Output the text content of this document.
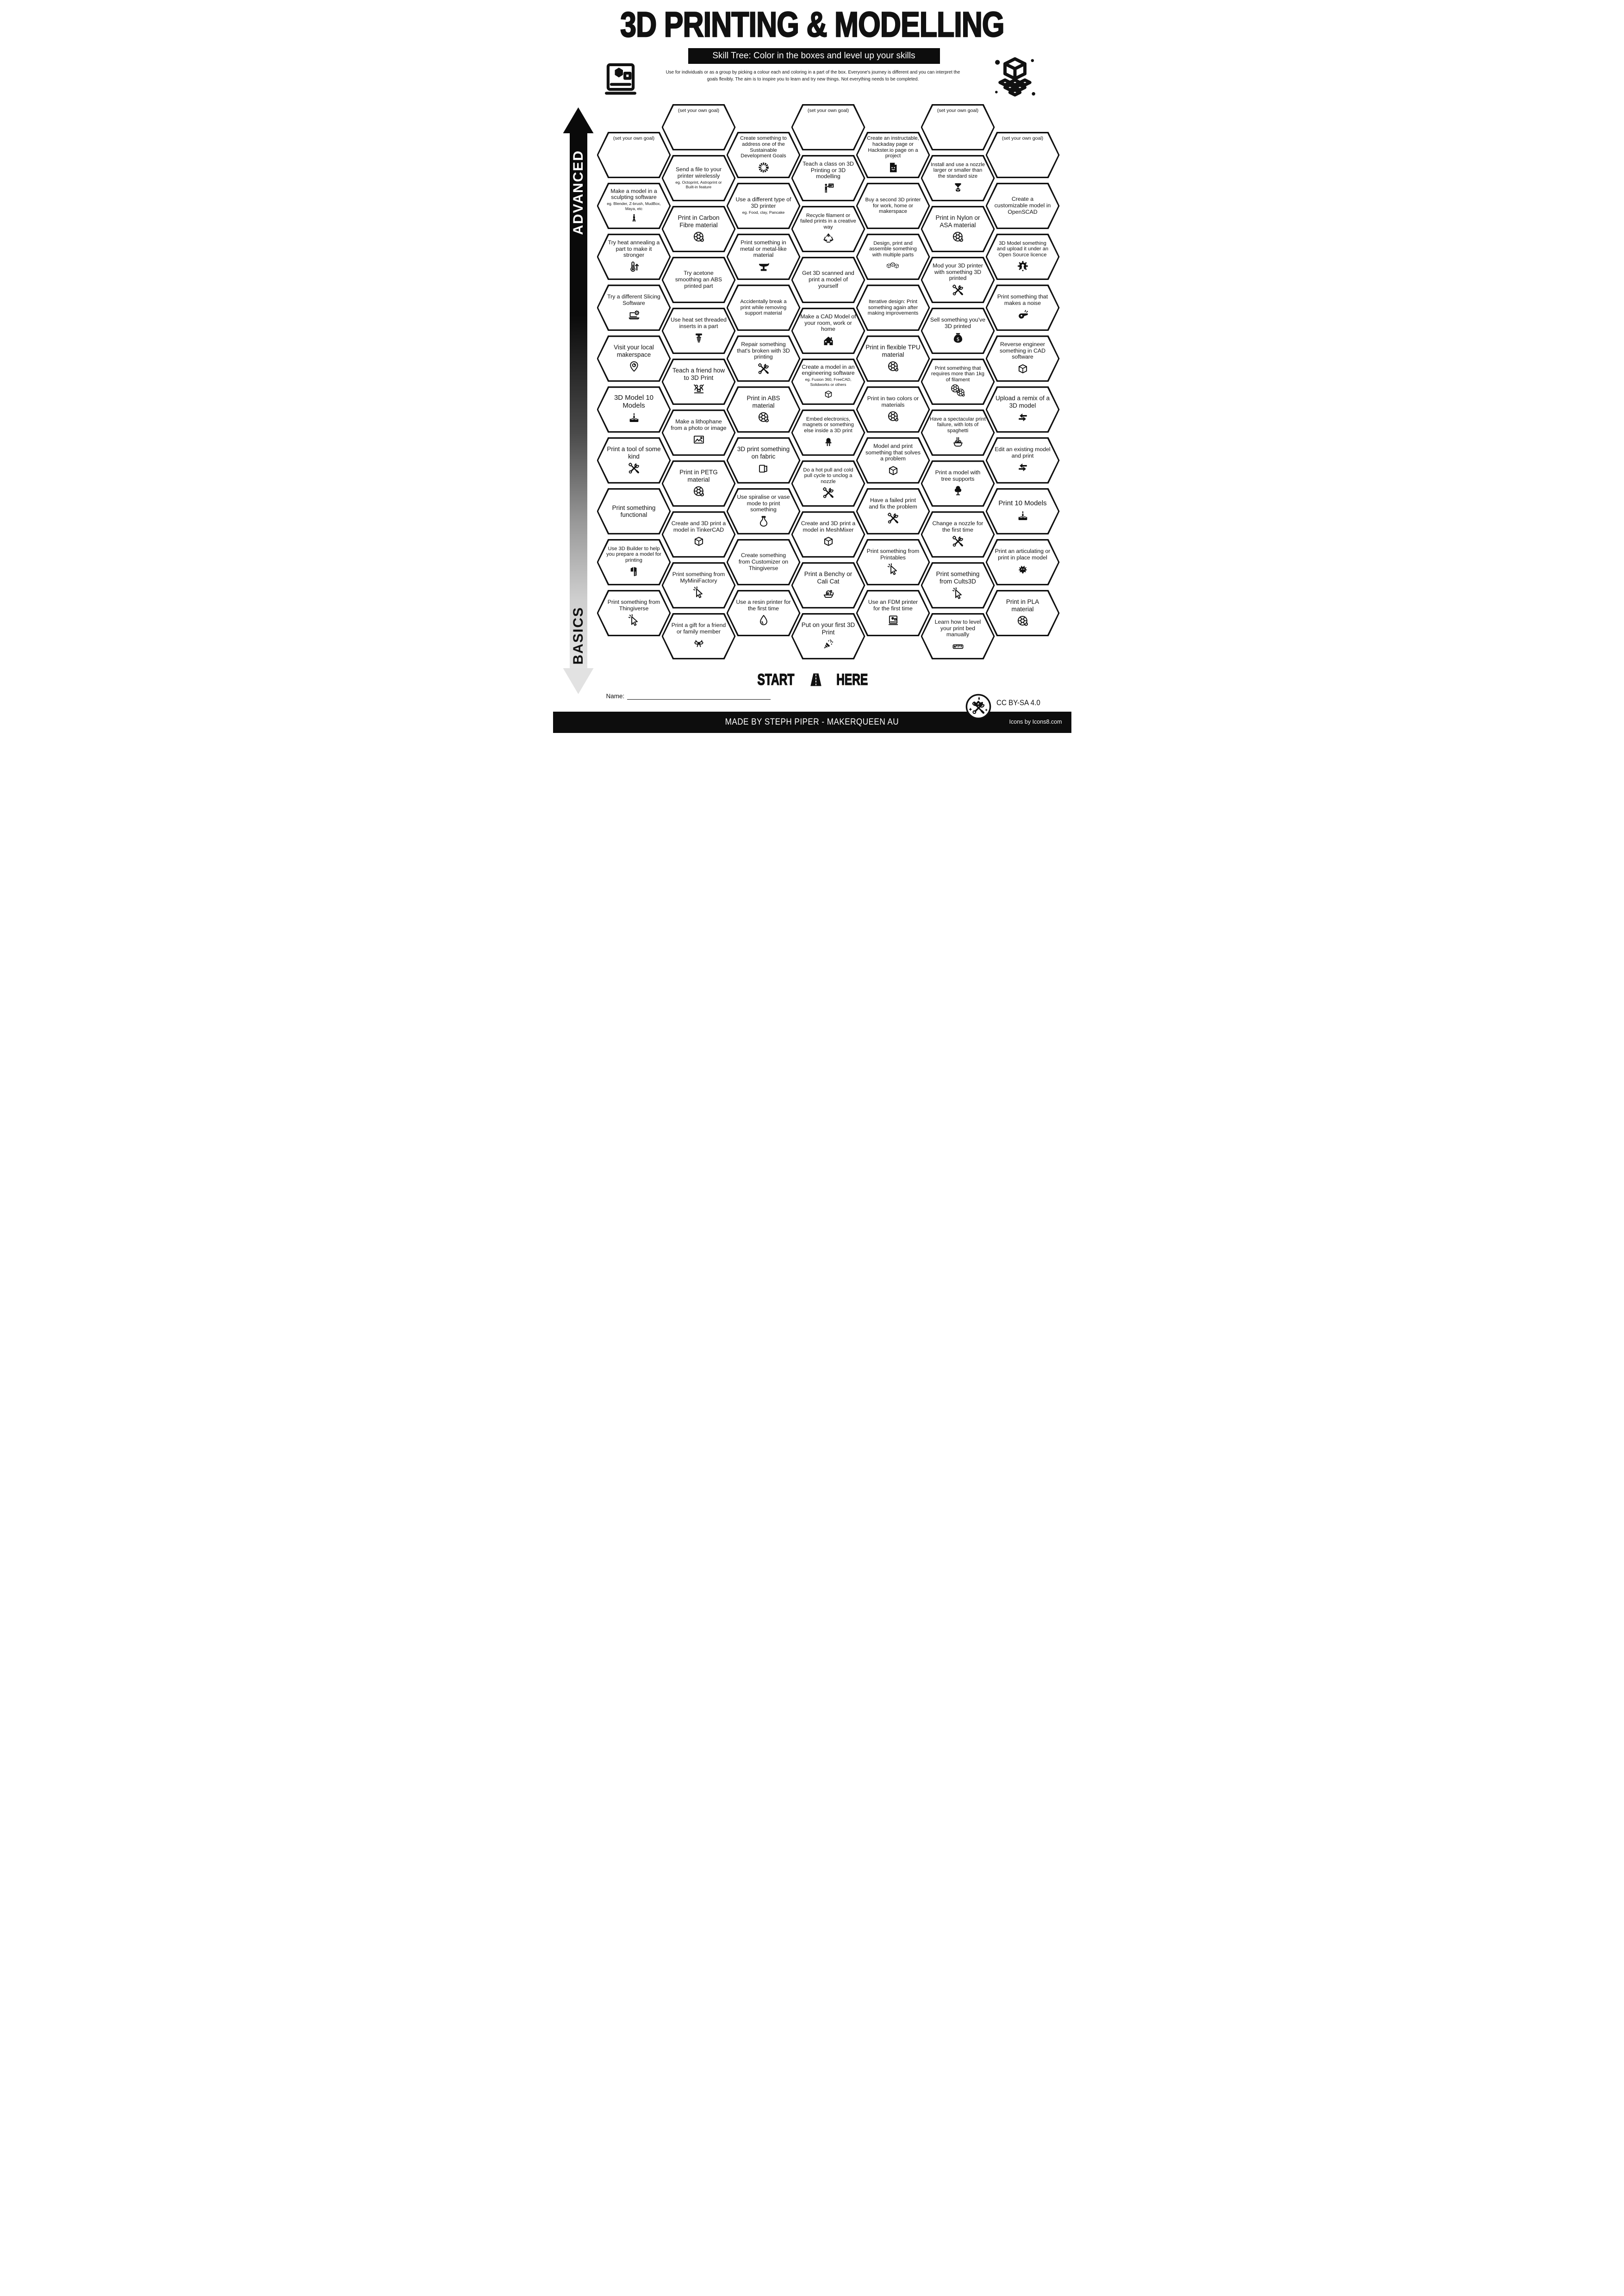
3D PRINTING & MODELLING
Skill Tree: Color in the boxes and level up your skills
Use for individuals or as a group by picking a colour each and coloring in a part of the box. Everyone's journey is different and you can interpret the goals flexibly. The aim is to inspire you to learn and try new things. Not everything needs to be completed.
ADVANCED
BASICS
(set your own goal)
Make a model in a sculpting software
eg. Blender, Z-brush, MudBox, Maya, etc
Try heat annealing a part to make it stronger
Try a different Slicing Software
Visit your local makerspace
3D Model 10 Models
Print a tool of some kind
Print something functional
Use 3D Builder to help you prepare a model for printing
Print something from Thingiverse
(set your own goal)
Send a file to your printer wirelessly
eg. Octoprint, Astroprint or Built-in feature
Print in Carbon Fibre material
Try acetone smoothing an ABS printed part
Use heat set threaded inserts in a part
Teach a friend how to 3D Print
Make a lithophane from a photo or image
Print in PETG material
Create and 3D print a model in TinkerCAD
Print something from MyMiniFactory
Print a gift for a friend or family member
Create something to address one of the Sustainable Development Goals
Use a different type of 3D printer
eg. Food, clay, Pancake
Print something in metal or metal-like material
Accidentally break a print while removing support material
Repair something that's broken with 3D printing
Print in ABS material
3D print something on fabric
Use spiralise or vase mode to print something
Create something from Customizer on Thingiverse
Use a resin printer for the first time
(set your own goal)
Teach a class on 3D Printing or 3D modelling
Recycle filament or failed prints in a creative way
Get 3D scanned and print a model of yourself
Make a CAD Model of your room, work or home
Create a model in an engineering software
eg. Fusion 360, FreeCAD, Solidworks or others
Embed electronics, magnets or something else inside a 3D print
Do a hot pull and cold pull cycle to unclog a nozzle
Create and 3D print a model in MeshMixer
Print a Benchy or Cali Cat
Put on your first 3D Print
Create an instructable, hackaday page or Hackster.io page on a project
Buy a second 3D printer for work, home or makerspace
Design, print and assemble something with multiple parts
Iterative design: Print something again after making improvements
Print in flexible TPU material
Print in two colors or materials
Model and print something that solves a problem
Have a failed print and fix the problem
Print something from Printables
Use an FDM printer for the first time
(set your own goal)
Install and use a nozzle larger or smaller than the standard size
Print in Nylon or ASA material
Mod your 3D printer with something 3D printed
Sell something you've 3D printed
Print something that requires more than 1kg of filament
Have a spectacular print failure, with lots of spaghetti
Print a model with tree supports
Change a nozzle for the first time
Print something from Cults3D
Learn how to level your print bed manually
(set your own goal)
Create a customizable model in OpenSCAD
3D Model something and upload it under an Open Source licence
Print something that makes a noise
Reverse engineer something in CAD software
Upload a remix of a 3D model
Edit an existing model and print
Print 10 Models
Print an articulating or print in place model
Print in PLA material
START	HERE
Name:
CC BY-SA 4.0
MADE BY STEPH PIPER - MAKERQUEEN AU	Icons by Icons8.com
